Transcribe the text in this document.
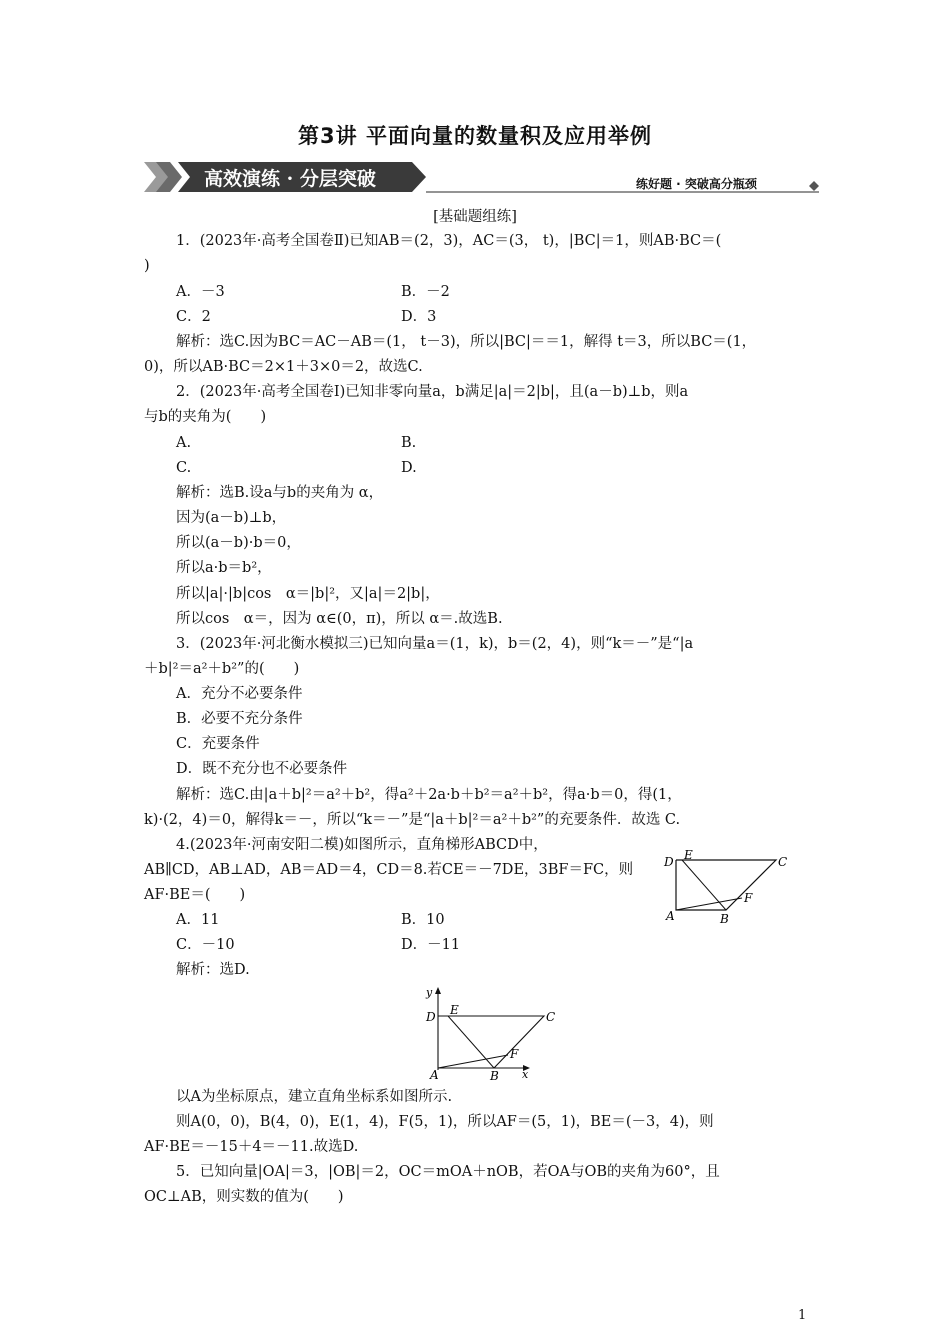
第3讲 平面向量的数量积及应用举例
高效演练 · 分层突破	练好题 · 突破高分瓶颈
[基础题组练]
1．(2023年·高考全国卷Ⅱ)已知AB＝(2，3)，AC＝(3， t)，|BC|＝1，则AB·BC＝(
)
A．－3	B．－2
C．2	D．3
解析：选C.因为BC＝AC－AB＝(1， t－3)，所以|BC|＝＝1，解得 t＝3，所以BC＝(1，
0)，所以AB·BC＝2×1＋3×0＝2，故选C.
2．(2023年·高考全国卷Ⅰ)已知非零向量a，b满足|a|＝2|b|，且(a－b)⊥b，则a
与b的夹角为(　　)
A.	B.
C.	D.
解析：选B.设a与b的夹角为 α，
因为(a－b)⊥b，
所以(a－b)·b＝0，
所以a·b＝b²，
所以|a|·|b|cos　α＝|b|²，又|a|＝2|b|，
所以cos　α＝，因为 α∈(0，π)，所以 α＝.故选B.
3．(2023年·河北衡水模拟三)已知向量a＝(1，k)，b＝(2，4)，则“k＝－”是“|a
＋b|²＝a²＋b²”的(　　)
A．充分不必要条件
B．必要不充分条件
C．充要条件
D．既不充分也不必要条件
解析：选C.由|a＋b|²＝a²＋b²，得a²＋2a·b＋b²＝a²＋b²，得a·b＝0，得(1，
k)·(2，4)＝0，解得k＝－，所以“k＝－”是“|a＋b|²＝a²＋b²”的充要条件．故选 C.
4.(2023年·河南安阳二模)如图所示，直角梯形ABCD中，
AB∥CD，AB⊥AD，AB＝AD＝4，CD＝8.若CE＝－7DE，3BF＝FC，则
AF·BE＝(　　)
D E	C
A	B
F
A．11	B．10
C．－10	D．－11
解析：选D.
y
D E	C
A	B
F
x
以A为坐标原点，建立直角坐标系如图所示.
则A(0，0)，B(4，0)，E(1，4)，F(5，1)，所以AF＝(5，1)，BE＝(－3，4)，则
AF·BE＝－15＋4＝－11.故选D.
5．已知向量|OA|＝3，|OB|＝2，OC＝mOA＋nOB，若OA与OB的夹角为60°，且
OC⊥AB，则实数的值为(　　)
1
